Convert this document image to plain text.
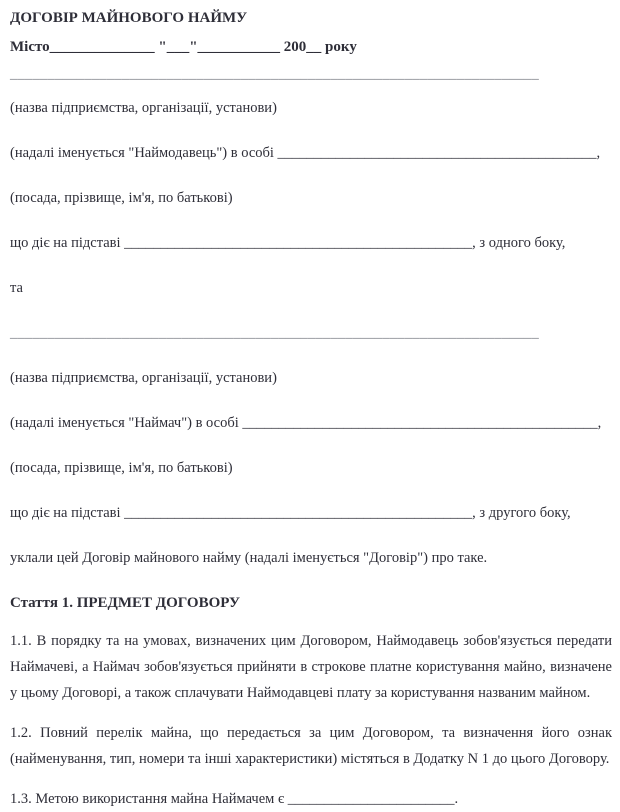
ДОГОВІР МАЙНОВОГО НАЙМУ

Місто______________ "___"___________ 200__ року

_______________________________________________________________________

(назва підприємства, організації, установи)

(надалі іменується "Наймодавець") в особі ____________________________________________,

(посада, прізвище, ім'я, по батькові)

що діє на підставі ________________________________________________, з одного боку,

та

_______________________________________________________________________

(назва підприємства, організації, установи)

(надалі іменується "Наймач") в особі _________________________________________________,

(посада, прізвище, ім'я, по батькові)

що діє на підставі ________________________________________________, з другого боку,

уклали цей Договір майнового найму (надалі іменується "Договір") про таке.

Стаття 1. ПРЕДМЕТ ДОГОВОРУ

1.1. В порядку та на умовах, визначених цим Договором, Наймодавець зобов'язується передати Наймачеві, а Наймач зобов'язується прийняти в строкове платне користування майно, визначене у цьому Договорі, а також сплачувати Наймодавцеві плату за користування названим майном.

1.2. Повний перелік майна, що передається за цим Договором, та визначення його ознак (найменування, тип, номери та інші характеристики) містяться в Додатку N 1 до цього Договору.

1.3. Метою використання майна Наймачем є _______________________.
